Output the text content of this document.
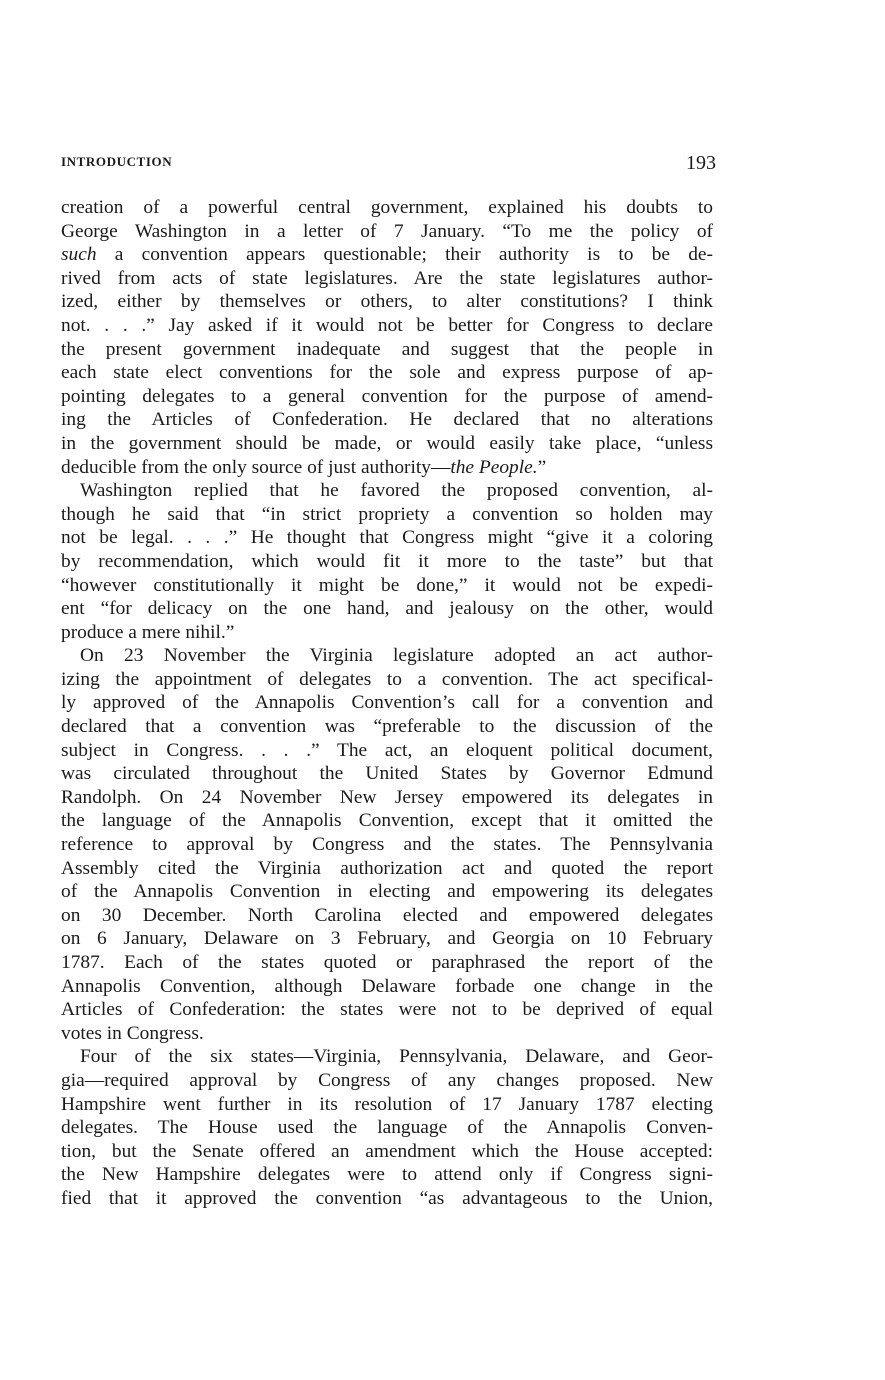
INTRODUCTION	193
creation of a powerful central government, explained his doubts to
George Washington in a letter of 7 January. “To me the policy of
such a convention appears questionable; their authority is to be de-
rived from acts of state legislatures. Are the state legislatures author-
ized, either by themselves or others, to alter constitutions? I think
not. . . .” Jay asked if it would not be better for Congress to declare
the present government inadequate and suggest that the people in
each state elect conventions for the sole and express purpose of ap-
pointing delegates to a general convention for the purpose of amend-
ing the Articles of Confederation. He declared that no alterations
in the government should be made, or would easily take place, “unless
deducible from the only source of just authority—the People.”
Washington replied that he favored the proposed convention, al-
though he said that “in strict propriety a convention so holden may
not be legal. . . .” He thought that Congress might “give it a coloring
by recommendation, which would fit it more to the taste” but that
“however constitutionally it might be done,” it would not be expedi-
ent “for delicacy on the one hand, and jealousy on the other, would
produce a mere nihil.”
On 23 November the Virginia legislature adopted an act author-
izing the appointment of delegates to a convention. The act specifical-
ly approved of the Annapolis Convention’s call for a convention and
declared that a convention was “preferable to the discussion of the
subject in Congress. . . .” The act, an eloquent political document,
was circulated throughout the United States by Governor Edmund
Randolph. On 24 November New Jersey empowered its delegates in
the language of the Annapolis Convention, except that it omitted the
reference to approval by Congress and the states. The Pennsylvania
Assembly cited the Virginia authorization act and quoted the report
of the Annapolis Convention in electing and empowering its delegates
on 30 December. North Carolina elected and empowered delegates
on 6 January, Delaware on 3 February, and Georgia on 10 February
1787. Each of the states quoted or paraphrased the report of the
Annapolis Convention, although Delaware forbade one change in the
Articles of Confederation: the states were not to be deprived of equal
votes in Congress.
Four of the six states—Virginia, Pennsylvania, Delaware, and Geor-
gia—required approval by Congress of any changes proposed. New
Hampshire went further in its resolution of 17 January 1787 electing
delegates. The House used the language of the Annapolis Conven-
tion, but the Senate offered an amendment which the House accepted:
the New Hampshire delegates were to attend only if Congress signi-
fied that it approved the convention “as advantageous to the Union,
